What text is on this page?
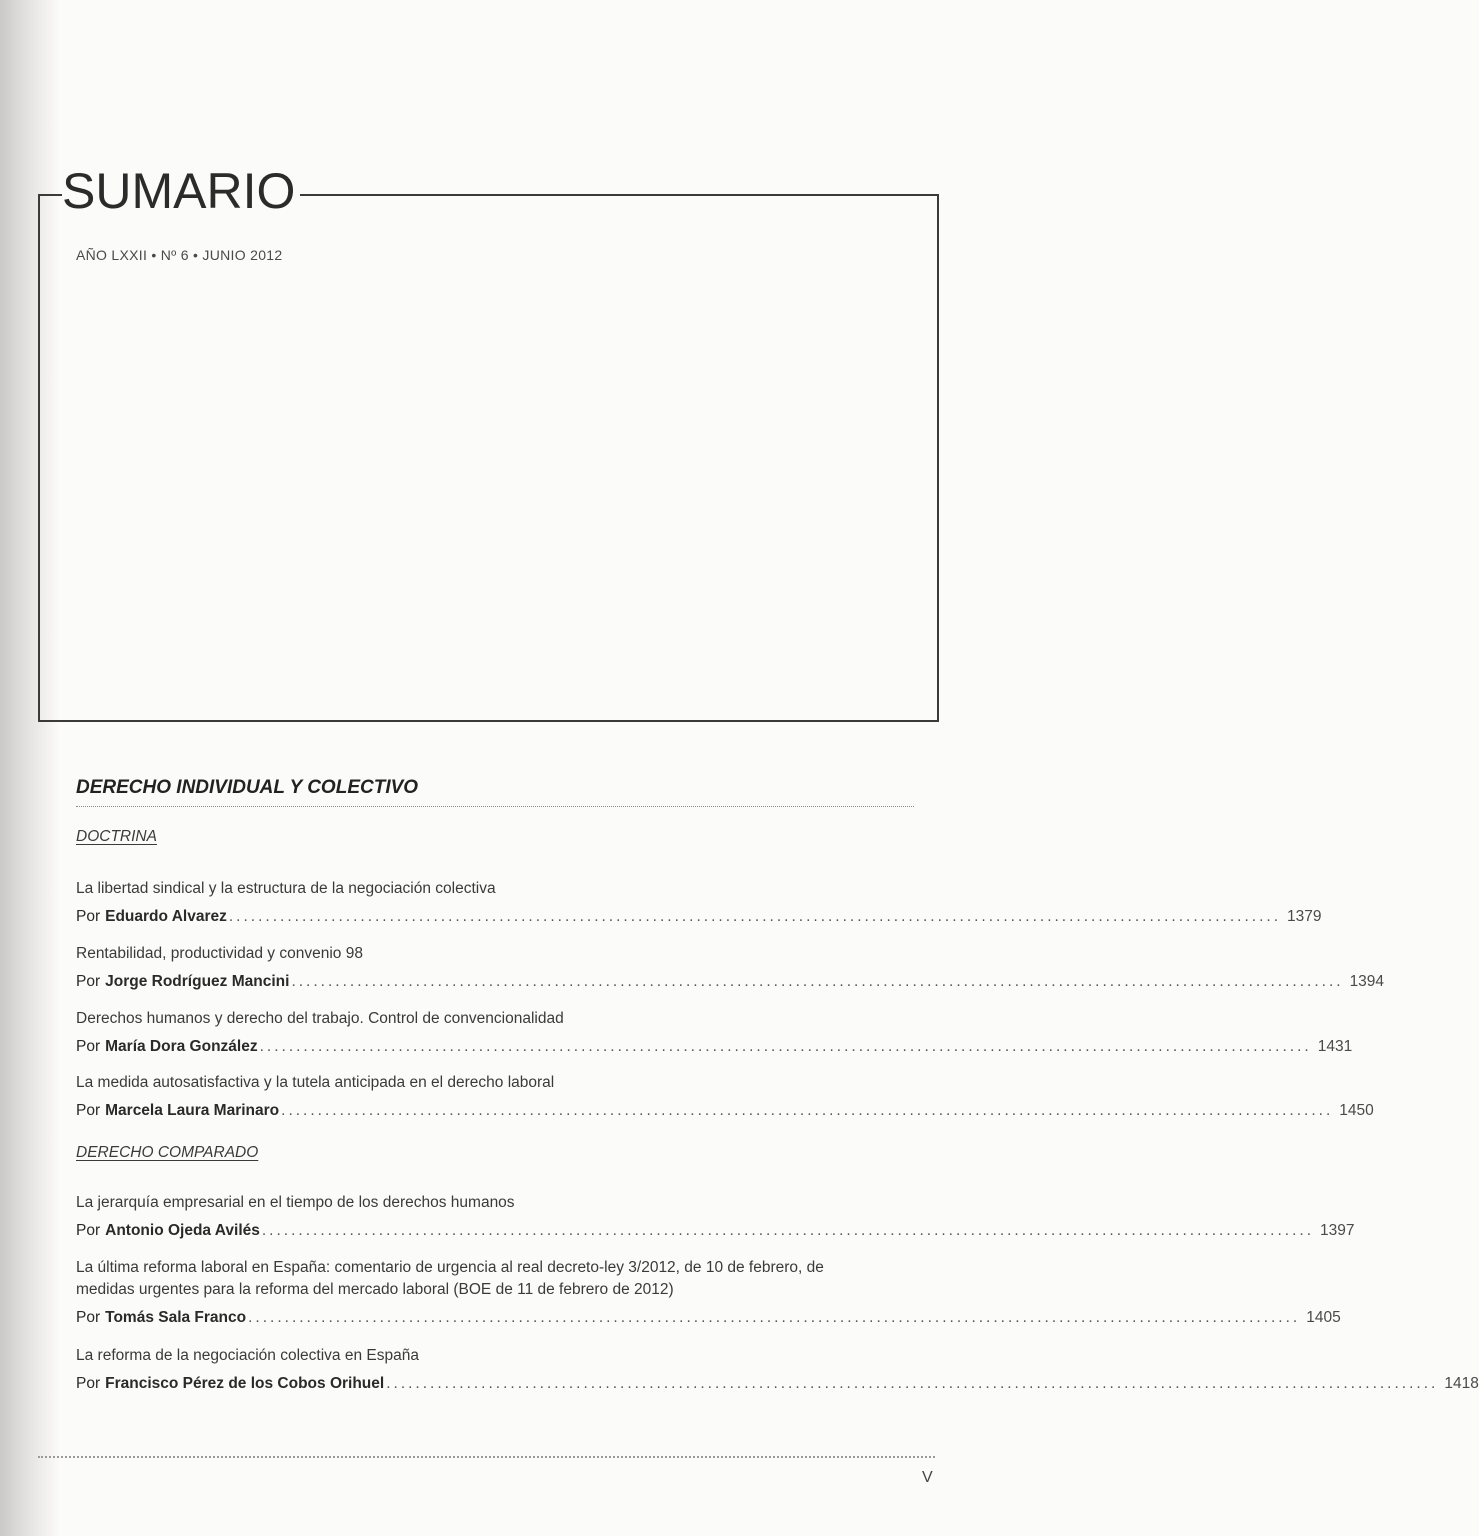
SUMARIO
AÑO LXXII • Nº 6 • JUNIO 2012
DERECHO INDIVIDUAL Y COLECTIVO
DOCTRINA
La libertad sindical y la estructura de la negociación colectiva
Por Eduardo Alvarez ................................................................................................................................................ 1379
Rentabilidad, productividad y convenio 98
Por Jorge Rodríguez Mancini ................................................................................................................................................ 1394
Derechos humanos y derecho del trabajo. Control de convencionalidad
Por María Dora González ................................................................................................................................................ 1431
La medida autosatisfactiva y la tutela anticipada en el derecho laboral
Por Marcela Laura Marinaro ................................................................................................................................................ 1450
DERECHO COMPARADO
La jerarquía empresarial en el tiempo de los derechos humanos
Por Antonio Ojeda Avilés ................................................................................................................................................ 1397
La última reforma laboral en España: comentario de urgencia al real decreto-ley 3/2012, de 10 de febrero, de medidas urgentes para la reforma del mercado laboral (BOE de 11 de febrero de 2012)
Por Tomás Sala Franco ................................................................................................................................................ 1405
La reforma de la negociación colectiva en España
Por Francisco Pérez de los Cobos Orihuel ................................................................................................................................................ 1418
V
